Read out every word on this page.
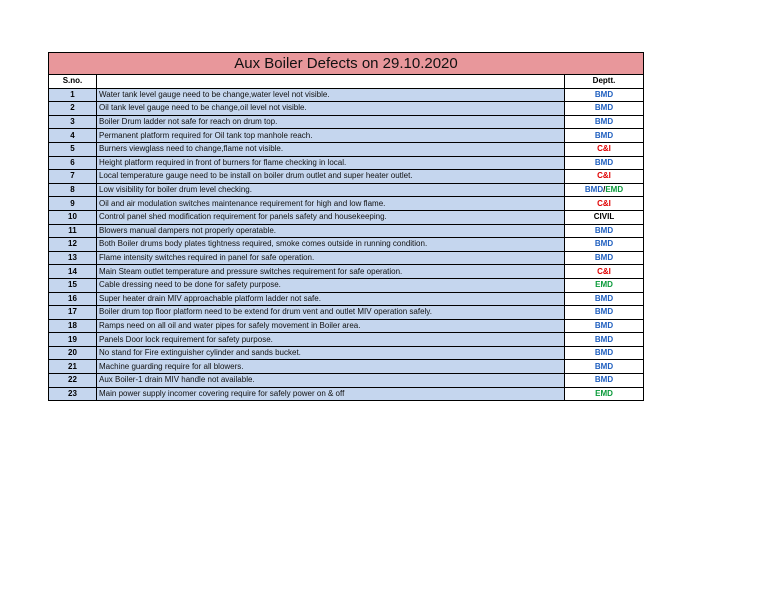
Aux Boiler Defects on 29.10.2020		
S.no.		Deptt.
1	Water tank level gauge need to be change,water level not visible.	BMD
2	Oil tank level gauge need to be change,oil level not visible.	BMD
3	Boiler Drum ladder not safe for reach on drum top.	BMD
4	Permanent platform required for Oil tank top manhole reach.	BMD
5	Burners viewglass need to change,flame not visible.	C&I
6	Height platform required in front of burners for flame checking in local.	BMD
7	Local temperature gauge need to be install on boiler drum outlet and super heater outlet.	C&I
8	Low visibility for boiler drum level checking.	BMD/EMD
9	Oil and air modulation switches maintenance requirement for high and low flame.	C&I
10	Control panel shed modification requirement for panels safety and housekeeping.	CIVIL
11	Blowers manual dampers not properly operatable.	BMD
12	Both Boiler drums body plates tightness required, smoke comes outside in running condition.	BMD
13	Flame intensity switches required in panel for safe operation.	BMD
14	Main Steam outlet temperature and pressure switches requirement for safe operation.	C&I
15	Cable dressing need to be done for safety purpose.	EMD
16	Super heater drain MIV approachable platform ladder not safe.	BMD
17	Boiler drum top floor platform need to be extend for drum vent and outlet MIV operation safely.	BMD
18	Ramps need on all oil and water pipes for safely movement in Boiler area.	BMD
19	Panels Door lock requirement for safety purpose.	BMD
20	No stand for Fire extinguisher cylinder and sands bucket.	BMD
21	Machine guarding require for all blowers.	BMD
22	Aux Boiler-1 drain MIV handle not available.	BMD
23	Main power supply incomer covering require for safely power on & off	EMD
